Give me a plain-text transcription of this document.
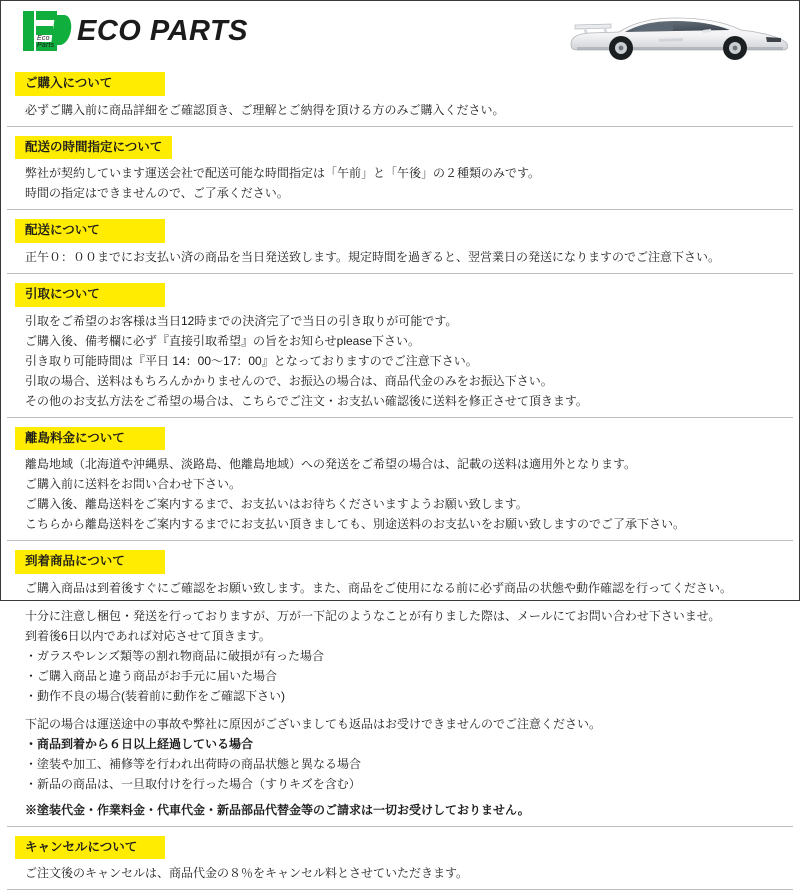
Eco Parts ECO PARTS
ご購入について

必ずご購入前に商品詳細をご確認頂き、ご理解とご納得を頂ける方のみご購入ください。

配送の時間指定について

弊社が契約しています運送会社で配送可能な時間指定は「午前」と「午後」の２種類のみです。

時間の指定はできませんので、ご了承ください。

配送について

正午０：００までにお支払い済の商品を当日発送致します。規定時間を過ぎると、翌営業日の発送になりますのでご注意下さい。

引取について

引取をご希望のお客様は当日12時までの決済完了で当日の引き取りが可能です。

ご購入後、備考欄に必ず『直接引取希望』の旨をお知らせplease下さい。

引き取り可能時間は『平日 14：00～17：00』となっておりますのでご注意下さい。

引取の場合、送料はもちろんかかりませんので、お振込の場合は、商品代金のみをお振込下さい。

その他のお支払方法をご希望の場合は、こちらでご注文・お支払い確認後に送料を修正させて頂きます。

離島料金について

離島地域（北海道や沖縄県、淡路島、他離島地域）への発送をご希望の場合は、記載の送料は適用外となります。

ご購入前に送料をお問い合わせ下さい。

ご購入後、離島送料をご案内するまで、お支払いはお待ちくださいますようお願い致します。

こちらから離島送料をご案内するまでにお支払い頂きましても、別途送料のお支払いをお願い致しますのでご了承下さい。

到着商品について

ご購入商品は到着後すぐにご確認をお願い致します。また、商品をご使用になる前に必ず商品の状態や動作確認を行ってください。

十分に注意し梱包・発送を行っておりますが、万が一下記のようなことが有りました際は、メールにてお問い合わせ下さいませ。

到着後6日以内であれば対応させて頂きます。

・ガラスやレンズ類等の割れ物商品に破損が有った場合

・ご購入商品と違う商品がお手元に届いた場合

・動作不良の場合(装着前に動作をご確認下さい)

下記の場合は運送途中の事故や弊社に原因がございましても返品はお受けできませんのでご注意ください。

・商品到着から６日以上経過している場合

・塗装や加工、補修等を行われ出荷時の商品状態と異なる場合

・新品の商品は、一旦取付けを行った場合（すりキズを含む）

※塗装代金・作業料金・代車代金・新品部品代替金等のご請求は一切お受けしておりません。

キャンセルについて

ご注文後のキャンセルは、商品代金の８％をキャンセル料とさせていただきます。
